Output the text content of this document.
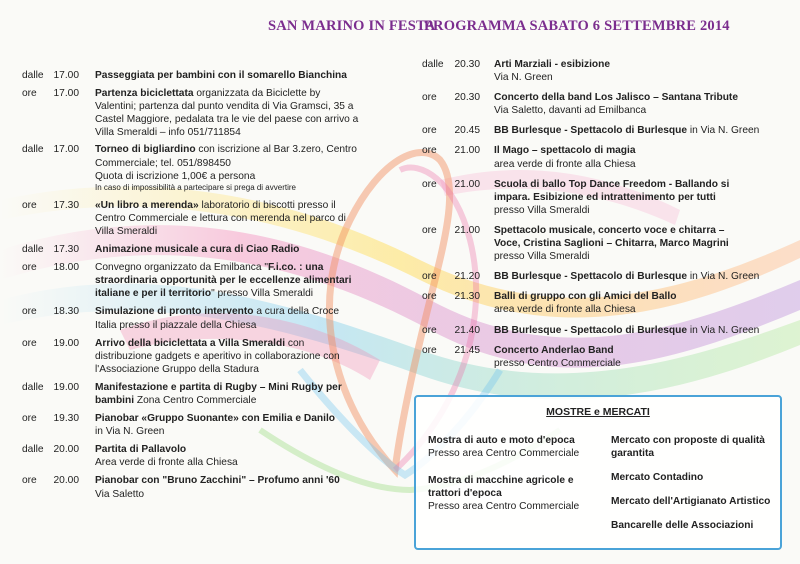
SAN MARINO IN FESTA
PROGRAMMA SABATO 6 SETTEMBRE 2014
dalle 17.00 Passeggiata per bambini con il somarello Bianchina
ore 17.00 Partenza biciclettata organizzata da Biciclette by
Valentini; partenza dal punto vendita di Via Gramsci, 35 a
Castel Maggiore, pedalata tra le vie del paese con arrivo a
Villa Smeraldi – info 051/711854
dalle 17.00 Torneo di bigliardino con iscrizione al Bar 3.zero, Centro
Commerciale; tel. 051/898450
Quota di iscrizione 1,00€ a persona
In caso di impossibilità a partecipare si prega di avvertire
ore 17.30 «Un libro a merenda» laboratorio di biscotti presso il
Centro Commerciale e lettura con merenda nel parco di
Villa Smeraldi
dalle 17.30 Animazione musicale a cura di Ciao Radio
ore 18.00 Convegno organizzato da Emilbanca "F.i.co. : una
straordinaria opportunità per le eccellenze alimentari
italiane e per il territorio" presso Villa Smeraldi
ore 18.30 Simulazione di pronto intervento a cura della Croce
Italia presso il piazzale della Chiesa
ore 19.00 Arrivo della biciclettata a Villa Smeraldi con
distribuzione gadgets e aperitivo in collaborazione con
l'Associazione Gruppo della Stadura
dalle 19.00 Manifestazione e partita di Rugby – Mini Rugby per
bambini Zona Centro Commerciale
ore 19.30 Pianobar «Gruppo Suonante» con Emilia e Danilo
in Via N. Green
dalle 20.00 Partita di Pallavolo
Area verde di fronte alla Chiesa
ore 20.00 Pianobar con "Bruno Zacchini" – Profumo anni '60
Via Saletto
dalle 20.30 Arti Marziali - esibizione
Via N. Green
ore 20.30 Concerto della band Los Jalisco – Santana Tribute
Via Saletto, davanti ad Emilbanca
ore 20.45 BB Burlesque - Spettacolo di Burlesque in Via N. Green
ore 21.00 Il Mago – spettacolo di magia
area verde di fronte alla Chiesa
ore 21.00 Scuola di ballo Top Dance Freedom - Ballando si
impara. Esibizione ed intrattenimento per tutti
presso Villa Smeraldi
ore 21.00 Spettacolo musicale, concerto voce e chitarra –
Voce, Cristina Saglioni – Chitarra, Marco Magrini
presso Villa Smeraldi
ore 21.20 BB Burlesque - Spettacolo di Burlesque in Via N. Green
ore 21.30 Balli di gruppo con gli Amici del Ballo
area verde di fronte alla Chiesa
ore 21.40 BB Burlesque - Spettacolo di Burlesque in Via N. Green
ore 21.45 Concerto Anderlao Band
presso Centro Commerciale
MOSTRE e MERCATI
Mostra di auto e moto d'epoca
Presso area Centro Commerciale
Mostra di macchine agricole e trattori d'epoca
Presso area Centro Commerciale
Mercato con proposte di qualità garantita
Mercato Contadino
Mercato dell'Artigianato Artistico
Bancarelle delle Associazioni
